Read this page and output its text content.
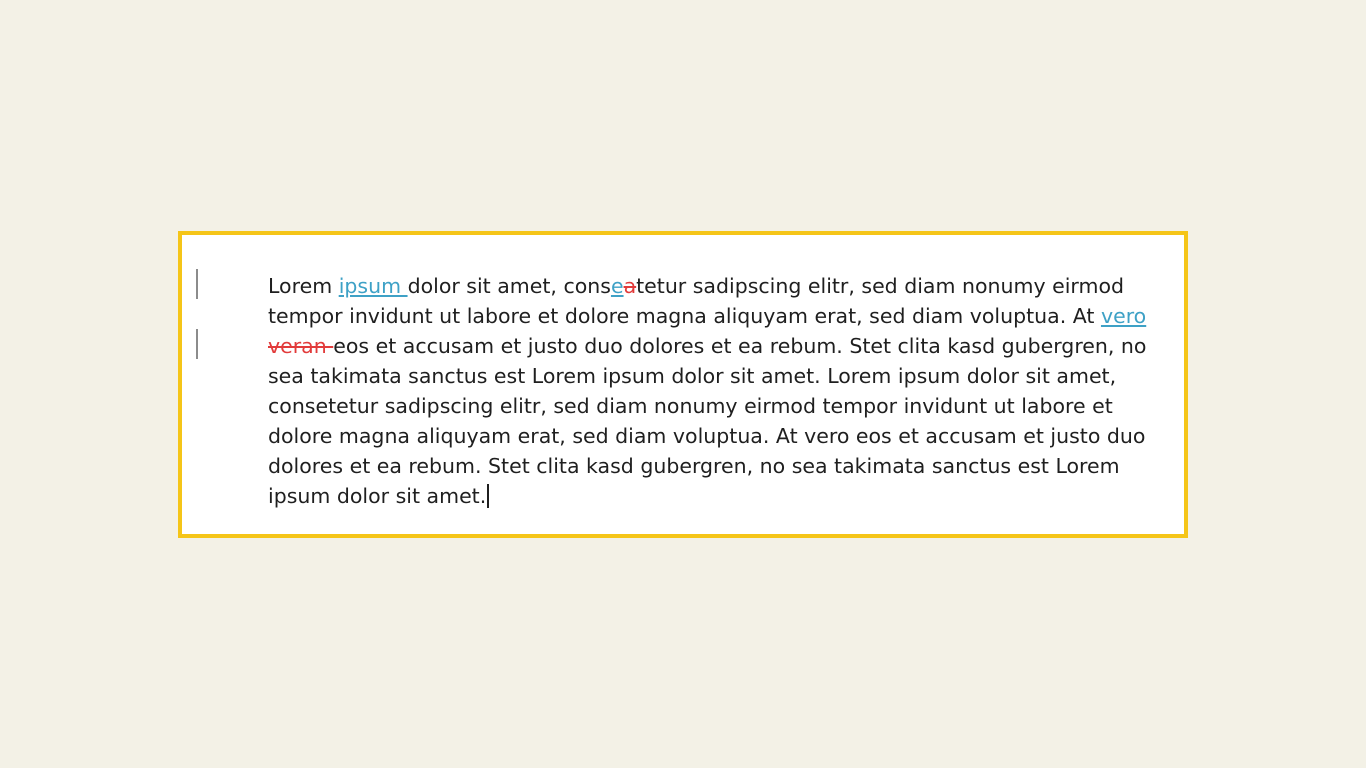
Lorem ipsum dolor sit amet, conseatetur sadipscing elitr, sed diam nonumy eirmod tempor invidunt ut labore et dolore magna aliquyam erat, sed diam voluptua. At vero veran eos et accusam et justo duo dolores et ea rebum. Stet clita kasd gubergren, no sea takimata sanctus est Lorem ipsum dolor sit amet. Lorem ipsum dolor sit amet, consetetur sadipscing elitr, sed diam nonumy eirmod tempor invidunt ut labore et dolore magna aliquyam erat, sed diam voluptua. At vero eos et accusam et justo duo dolores et ea rebum. Stet clita kasd gubergren, no sea takimata sanctus est Lorem ipsum dolor sit amet.
